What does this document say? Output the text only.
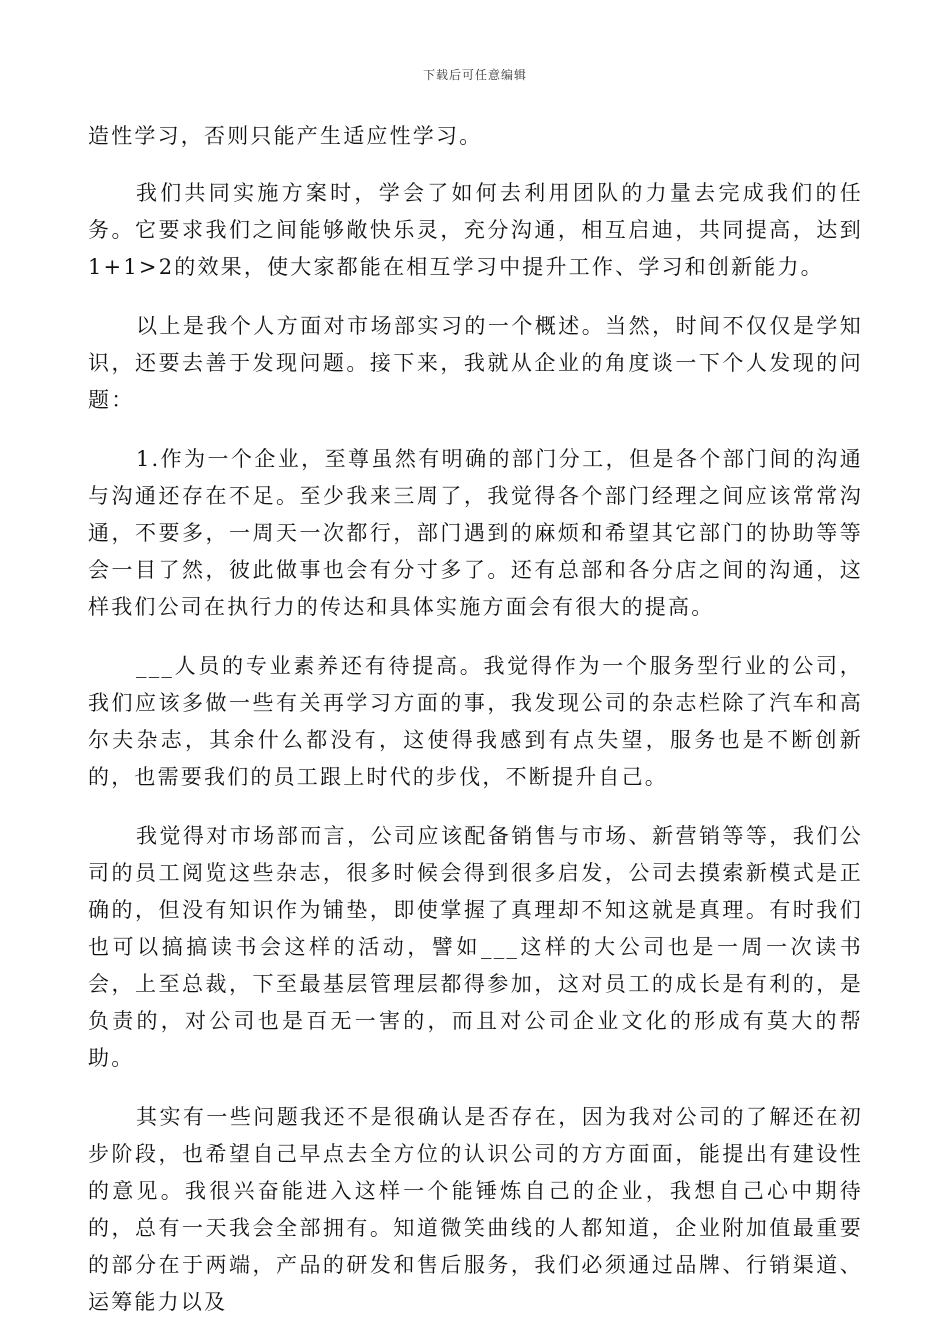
下载后可任意编辑

造性学习，否则只能产生适应性学习。

我们共同实施方案时，学会了如何去利用团队的力量去完成我们的任务。它要求我们之间能够敞快乐灵，充分沟通，相互启迪，共同提高，达到1+1>2的效果，使大家都能在相互学习中提升工作、学习和创新能力。

以上是我个人方面对市场部实习的一个概述。当然，时间不仅仅是学知识，还要去善于发现问题。接下来，我就从企业的角度谈一下个人发现的问题：

1.作为一个企业，至尊虽然有明确的部门分工，但是各个部门间的沟通与沟通还存在不足。至少我来三周了，我觉得各个部门经理之间应该常常沟通，不要多，一周天一次都行，部门遇到的麻烦和希望其它部门的协助等等会一目了然，彼此做事也会有分寸多了。还有总部和各分店之间的沟通，这样我们公司在执行力的传达和具体实施方面会有很大的提高。

___人员的专业素养还有待提高。我觉得作为一个服务型行业的公司，我们应该多做一些有关再学习方面的事，我发现公司的杂志栏除了汽车和高尔夫杂志，其余什么都没有，这使得我感到有点失望，服务也是不断创新的，也需要我们的员工跟上时代的步伐，不断提升自己。

我觉得对市场部而言，公司应该配备销售与市场、新营销等等，我们公司的员工阅览这些杂志，很多时候会得到很多启发，公司去摸索新模式是正确的，但没有知识作为铺垫，即使掌握了真理却不知这就是真理。有时我们也可以搞搞读书会这样的活动，譬如___这样的大公司也是一周一次读书会，上至总裁，下至最基层管理层都得参加，这对员工的成长是有利的，是负责的，对公司也是百无一害的，而且对公司企业文化的形成有莫大的帮助。

其实有一些问题我还不是很确认是否存在，因为我对公司的了解还在初步阶段，也希望自己早点去全方位的认识公司的方方面面，能提出有建设性的意见。我很兴奋能进入这样一个能锤炼自己的企业，我想自己心中期待的，总有一天我会全部拥有。知道微笑曲线的人都知道，企业附加值最重要的部分在于两端，产品的研发和售后服务，我们必须通过品牌、行销渠道、运筹能力以及
